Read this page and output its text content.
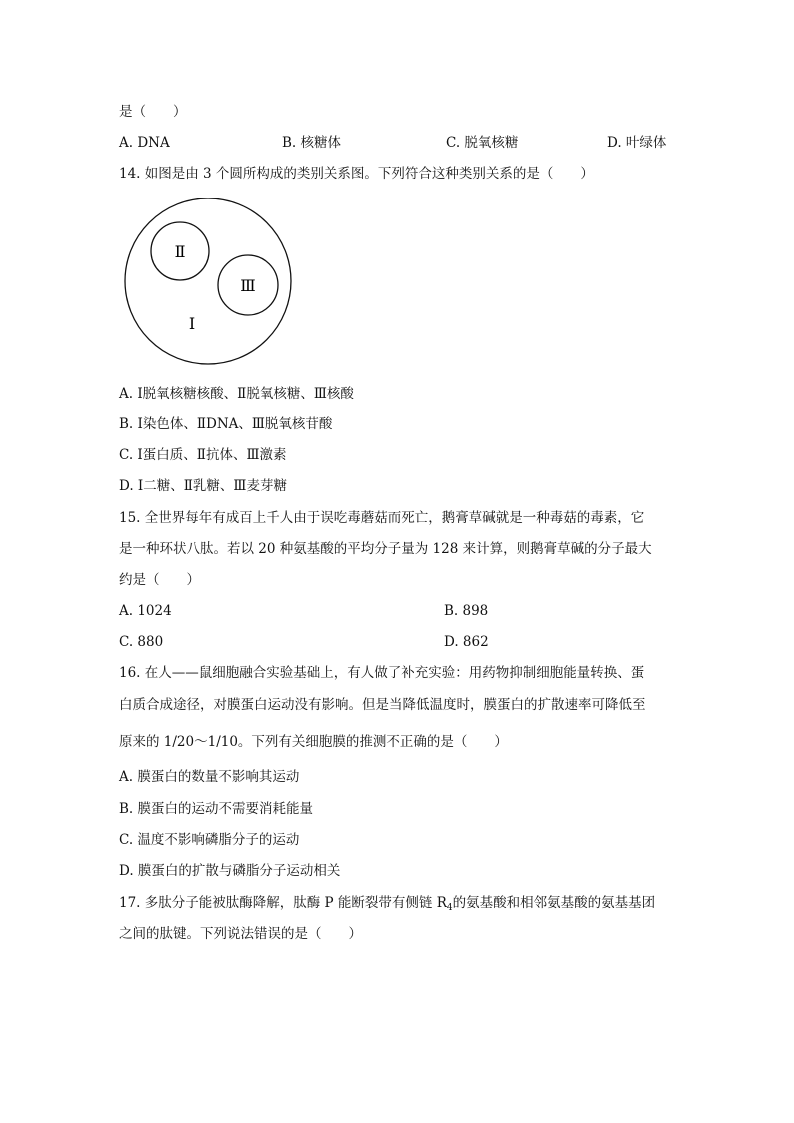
是（　　）
A. DNA	B. 核糖体	C. 脱氧核糖	D. 叶绿体
14. 如图是由 3 个圆所构成的类别关系图。下列符合这种类别关系的是（　　）
Ⅱ
Ⅲ
Ⅰ
A. Ⅰ脱氧核糖核酸、Ⅱ脱氧核糖、Ⅲ核酸
B. Ⅰ染色体、ⅡDNA、Ⅲ脱氧核苷酸
C. Ⅰ蛋白质、Ⅱ抗体、Ⅲ激素
D. Ⅰ二糖、Ⅱ乳糖、Ⅲ麦芽糖
15. 全世界每年有成百上千人由于误吃毒蘑菇而死亡，鹅膏草碱就是一种毒菇的毒素，它
是一种环状八肽。若以 20 种氨基酸的平均分子量为 128 来计算，则鹅膏草碱的分子最大
约是（　　）
A. 1024	B. 898
C. 880	D. 862
16. 在人——鼠细胞融合实验基础上，有人做了补充实验：用药物抑制细胞能量转换、蛋
白质合成途径，对膜蛋白运动没有影响。但是当降低温度时，膜蛋白的扩散速率可降低至
原来的 1/20～1/10。下列有关细胞膜的推测不正确的是（　　）
A. 膜蛋白的数量不影响其运动
B. 膜蛋白的运动不需要消耗能量
C. 温度不影响磷脂分子的运动
D. 膜蛋白的扩散与磷脂分子运动相关
17. 多肽分子能被肽酶降解，肽酶 P 能断裂带有侧链 $R_4$的氨基酸和相邻氨基酸的氨基基团
之间的肽键。下列说法错误的是（　　）
